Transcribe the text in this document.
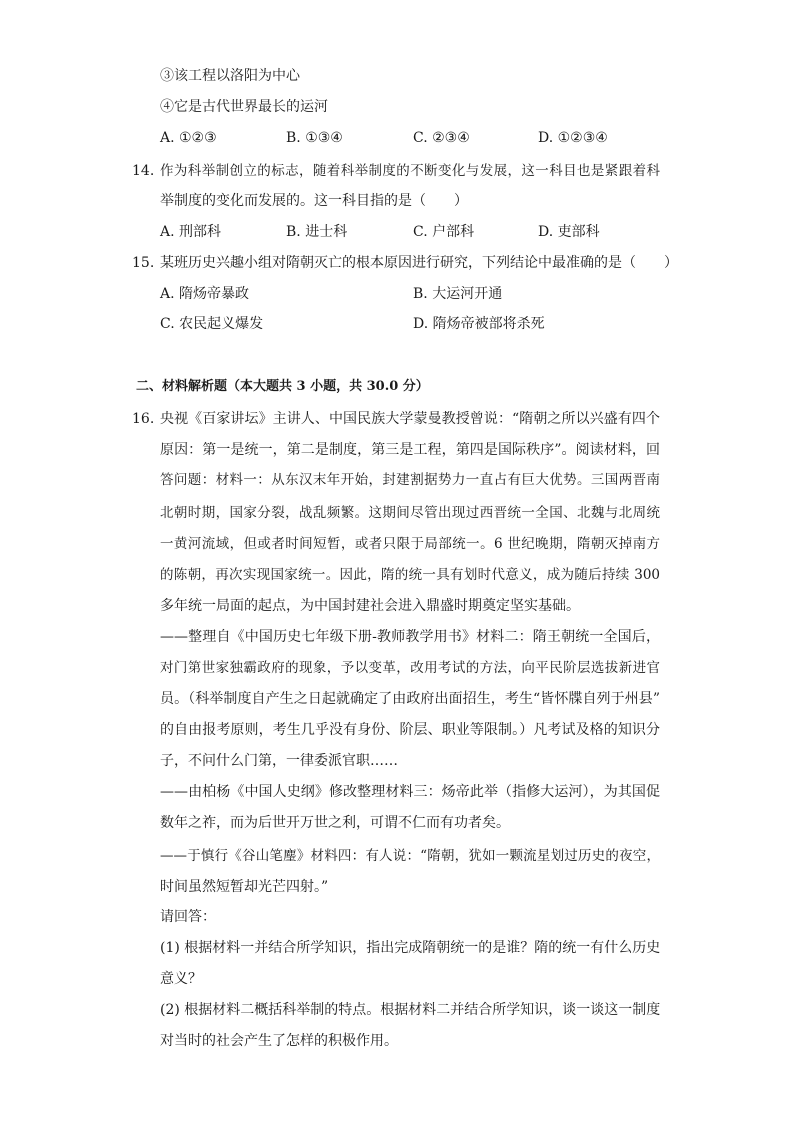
③该工程以洛阳为中心
④它是古代世界最长的运河
A. ①②③	B. ①③④	C. ②③④	D. ①②③④
14. 作为科举制创立的标志，随着科举制度的不断变化与发展，这一科目也是紧跟着科
举制度的变化而发展的。这一科目指的是（　　）
A. 刑部科	B. 进士科	C. 户部科	D. 吏部科
15. 某班历史兴趣小组对隋朝灭亡的根本原因进行研究，下列结论中最准确的是（　　）
A. 隋炀帝暴政	B. 大运河开通
C. 农民起义爆发	D. 隋炀帝被部将杀死
二、材料解析题（本大题共 3 小题，共 30.0 分）
16. 央视《百家讲坛》主讲人、中国民族大学蒙曼教授曾说：“隋朝之所以兴盛有四个
原因：第一是统一，第二是制度，第三是工程，第四是国际秩序”。阅读材料，回
答问题：材料一：从东汉末年开始，封建割据势力一直占有巨大优势。三国两晋南
北朝时期，国家分裂，战乱频繁。这期间尽管出现过西晋统一全国、北魏与北周统
一黄河流域，但或者时间短暂，或者只限于局部统一。6 世纪晚期，隋朝灭掉南方
的陈朝，再次实现国家统一。因此，隋的统一具有划时代意义，成为随后持续 300
多年统一局面的起点，为中国封建社会进入鼎盛时期奠定坚实基础。
——整理自《中国历史七年级下册-教师教学用书》材料二：隋王朝统一全国后，
对门第世家独霸政府的现象，予以变革，改用考试的方法，向平民阶层选拔新进官
员。（科举制度自产生之日起就确定了由政府出面招生，考生“皆怀牒自列于州县”
的自由报考原则，考生几乎没有身份、阶层、职业等限制。）凡考试及格的知识分
子，不问什么门第，一律委派官职……
——由柏杨《中国人史纲》修改整理材料三：炀帝此举（指修大运河），为其国促
数年之祚，而为后世开万世之利，可谓不仁而有功者矣。
——于慎行《谷山笔麈》材料四：有人说：“隋朝，犹如一颗流星划过历史的夜空，
时间虽然短暂却光芒四射。”
请回答：
(1) 根据材料一并结合所学知识，指出完成隋朝统一的是谁？隋的统一有什么历史
意义？
(2) 根据材料二概括科举制的特点。根据材料二并结合所学知识，谈一谈这一制度
对当时的社会产生了怎样的积极作用。
